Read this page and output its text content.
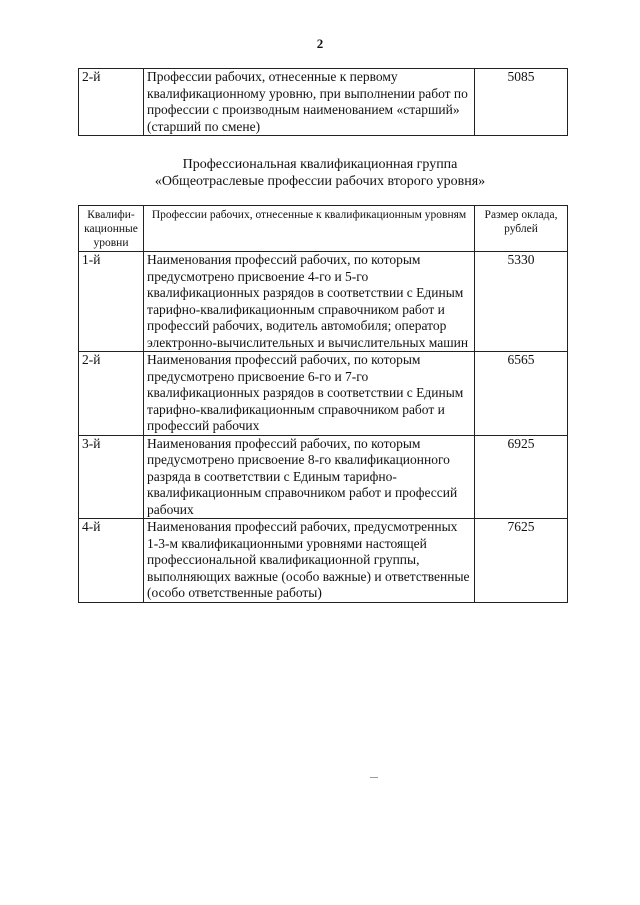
2
2-й	Профессии рабочих, отнесенные к первому квалификационному уровню, при выполнении работ по профессии с производным наименованием «старший» (старший по смене)	5085
Профессиональная квалификационная группа
«Общеотраслевые профессии рабочих второго уровня»
Квалифи-кационные уровни	Профессии рабочих, отнесенные к квалификационным уровням	Размер оклада, рублей
1-й	Наименования профессий рабочих, по которым предусмотрено присвоение 4-го и 5-го квалификационных разрядов в соответствии с Единым тарифно-квалификационным справочником работ и профессий рабочих, водитель автомобиля; оператор электронно-вычислительных и вычислительных машин	5330
2-й	Наименования профессий рабочих, по которым предусмотрено присвоение 6-го и 7-го квалификационных разрядов в соответствии с Единым тарифно-квалификационным справочником работ и профессий рабочих	6565
3-й	Наименования профессий рабочих, по которым предусмотрено присвоение 8-го квалификационного разряда в соответствии с Единым тарифно-квалификационным справочником работ и профессий рабочих	6925
4-й	Наименования профессий рабочих, предусмотренных 1-3-м квалификационными уровнями настоящей профессиональной квалификационной группы, выполняющих важные (особо важные) и ответственные (особо ответственные работы)	7625
